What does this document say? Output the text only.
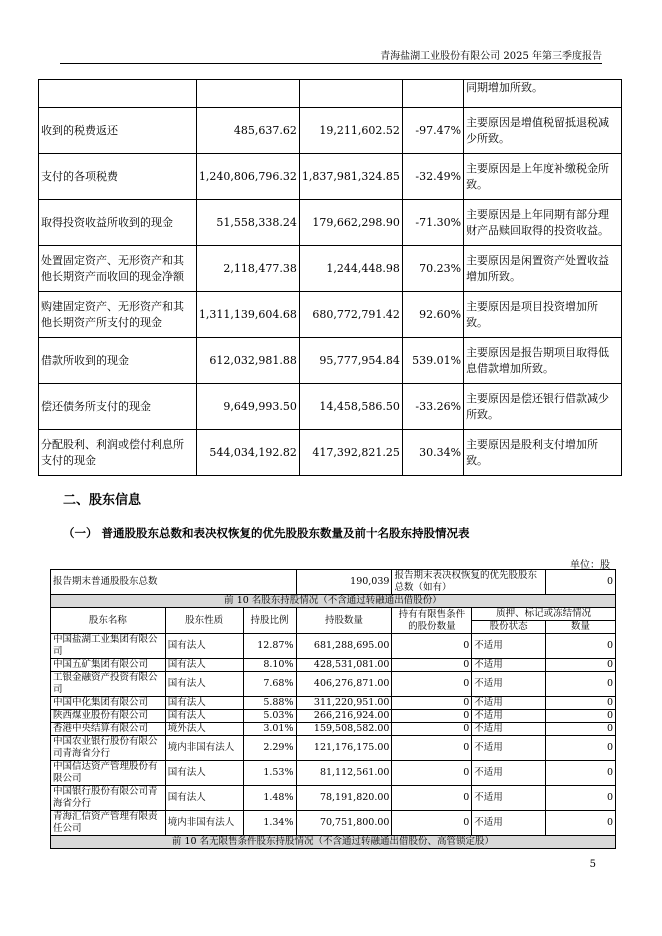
青海盐湖工业股份有限公司 2025 年第三季度报告
				同期增加所致。
收到的税费返还	485,637.62	19,211,602.52	-97.47%	主要原因是增值税留抵退税减少所致。
支付的各项税费	1,240,806,796.32	1,837,981,324.85	-32.49%	主要原因是上年度补缴税金所致。
取得投资收益所收到的现金	51,558,338.24	179,662,298.90	-71.30%	主要原因是上年同期有部分理财产品赎回取得的投资收益。
处置固定资产、无形资产和其他长期资产而收回的现金净额	2,118,477.38	1,244,448.98	70.23%	主要原因是闲置资产处置收益增加所致。
购建固定资产、无形资产和其他长期资产所支付的现金	1,311,139,604.68	680,772,791.42	92.60%	主要原因是项目投资增加所致。
借款所收到的现金	612,032,981.88	95,777,954.84	539.01%	主要原因是报告期项目取得低息借款增加所致。
偿还债务所支付的现金	9,649,993.50	14,458,586.50	-33.26%	主要原因是偿还银行借款减少所致。
分配股利、利润或偿付利息所支付的现金	544,034,192.82	417,392,821.25	30.34%	主要原因是股利支付增加所致。
二、股东信息
（一） 普通股股东总数和表决权恢复的优先股股东数量及前十名股东持股情况表
单位：股
报告期末普通股股东总数			190,039	报告期末表决权恢复的优先股股东总数（如有）		0
前 10 名股东持股情况（不含通过转融通出借股份）						
股东名称	股东性质	持股比例	持股数量	持有有限售条件的股份数量	质押、标记或冻结情况	
					股份状态	数量
中国盐湖工业集团有限公司	国有法人	12.87%	681,288,695.00	0	不适用	0
中国五矿集团有限公司	国有法人	8.10%	428,531,081.00	0	不适用	0
工银金融资产投资有限公司	国有法人	7.68%	406,276,871.00	0	不适用	0
中国中化集团有限公司	国有法人	5.88%	311,220,951.00	0	不适用	0
陕西煤业股份有限公司	国有法人	5.03%	266,216,924.00	0	不适用	0
香港中央结算有限公司	境外法人	3.01%	159,508,582.00	0	不适用	0
中国农业银行股份有限公司青海省分行	境内非国有法人	2.29%	121,176,175.00	0	不适用	0
中国信达资产管理股份有限公司	国有法人	1.53%	81,112,561.00	0	不适用	0
中国银行股份有限公司青海省分行	国有法人	1.48%	78,191,820.00	0	不适用	0
青海汇信资产管理有限责任公司	境内非国有法人	1.34%	70,751,800.00	0	不适用	0
前 10 名无限售条件股东持股情况（不含通过转融通出借股份、高管锁定股）						
5
